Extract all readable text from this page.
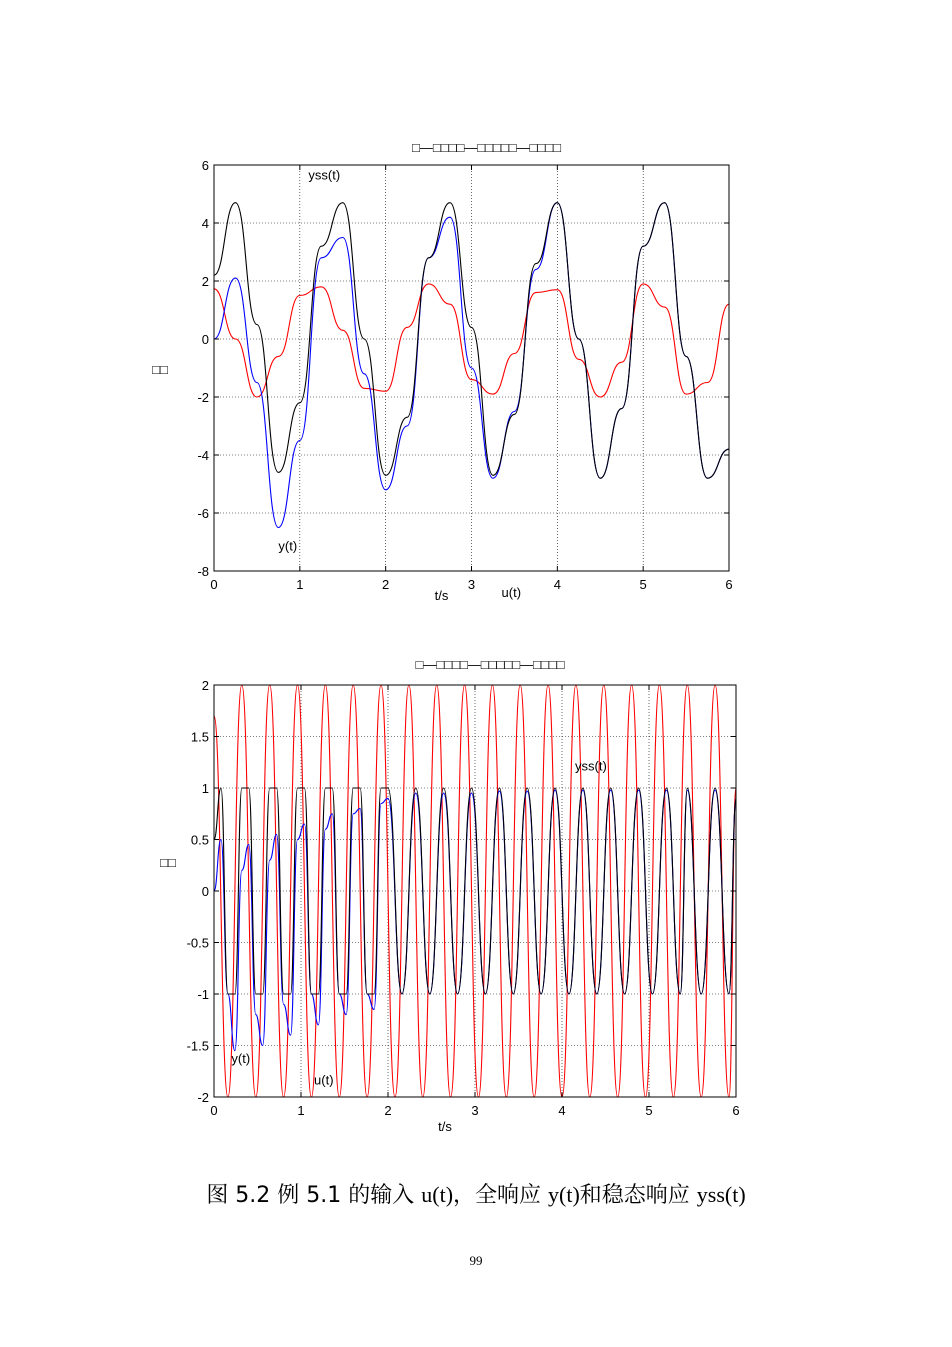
0	1	2	3	4	5	6
6
4
2
0
-2
-4
-6
-8
□—□□□□—□□□□□—□□□□
t/s
□□
yss(t)
y(t)
u(t)
0	1	2	3	4	5	6
2
1.5
1
0.5
0
-0.5
-1
-1.5
-2
□—□□□□—□□□□□—□□□□
t/s
□□
yss(t)
y(t)
u(t)
图 5.2 例 5.1 的输入 u(t)，全响应 y(t)和稳态响应 yss(t)
99
